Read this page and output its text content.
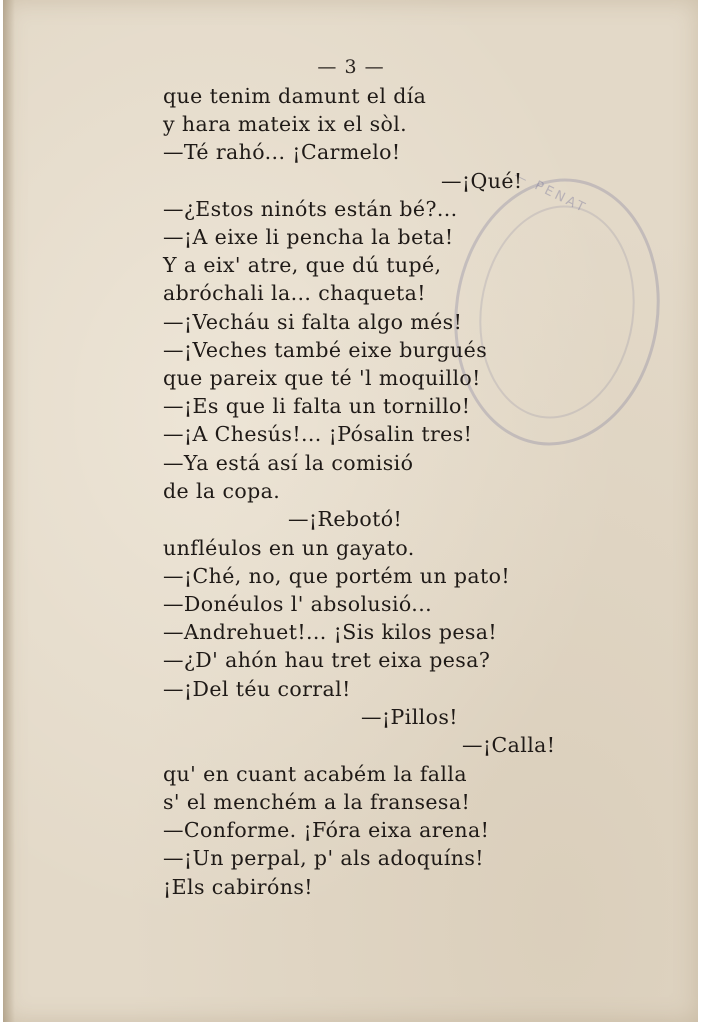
— PENAT
— 3 —
que tenim damunt el día
y hara mateix ix el sòl.
—Té rahó... ¡Carmelo!
—¡Qué!
—¿Estos ninóts están bé?...
—¡A eixe li pencha la beta!
Y a eix' atre, que dú tupé,
abróchali la... chaqueta!
—¡Vecháu si falta algo més!
—¡Veches també eixe burgués
que pareix que té 'l moquillo!
—¡Es que li falta un tornillo!
—¡A Chesús!... ¡Pósalin tres!
—Ya está así la comisió
de la copa.
—¡Rebotó!
unfléulos en un gayato.
—¡Ché, no, que portém un pato!
—Donéulos l' absolusió...
—Andrehuet!... ¡Sis kilos pesa!
—¿D' ahón hau tret eixa pesa?
—¡Del téu corral!
—¡Pillos!
—¡Calla!
qu' en cuant acabém la falla
s' el menchém a la fransesa!
—Conforme. ¡Fóra eixa arena!
—¡Un perpal, p' als adoquíns!
¡Els cabiróns!
